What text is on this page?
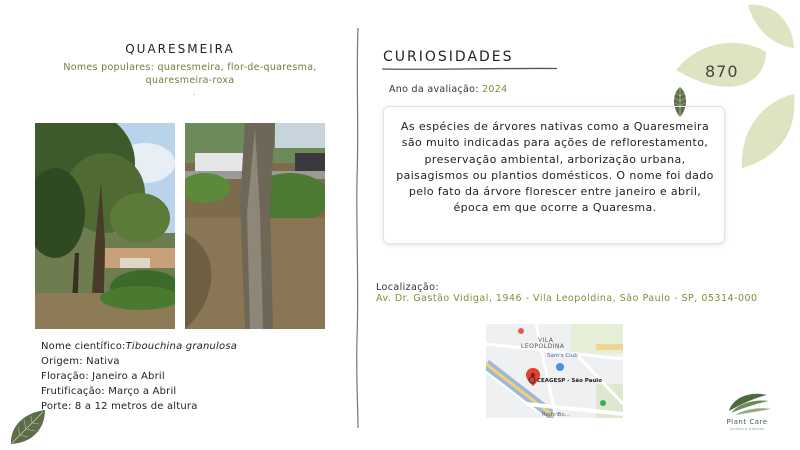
QUARESMEIRA
Nomes populares: quaresmeira, flor-de-quaresma, quaresmeira-roxa
.
Nome científico:Tibouchina granulosa
Origem: Nativa
Floração: Janeiro a Abril
Frutificação: Março a Abril
Porte: 8 a 12 metros de altura
CURIOSIDADES
Ano da avaliação: 2024
As espécies de árvores nativas como a Quaresmeira são muito indicadas para ações de reflorestamento, preservação ambiental, arborização urbana, paisagismos ou plantios domésticos. O nome foi dado pelo fato da árvore florescer entre janeiro e abril, época em que ocorre a Quaresma.
870
Localização:
Av. Dr. Gastão Vidigal, 1946 - Vila Leopoldina, São Paulo - SP, 05314-000
VILA
LEOPOLDINA
Sam's Club
CEAGESP - São Paulo
Rodo Bo...
Plant Care
jardins e plantas
